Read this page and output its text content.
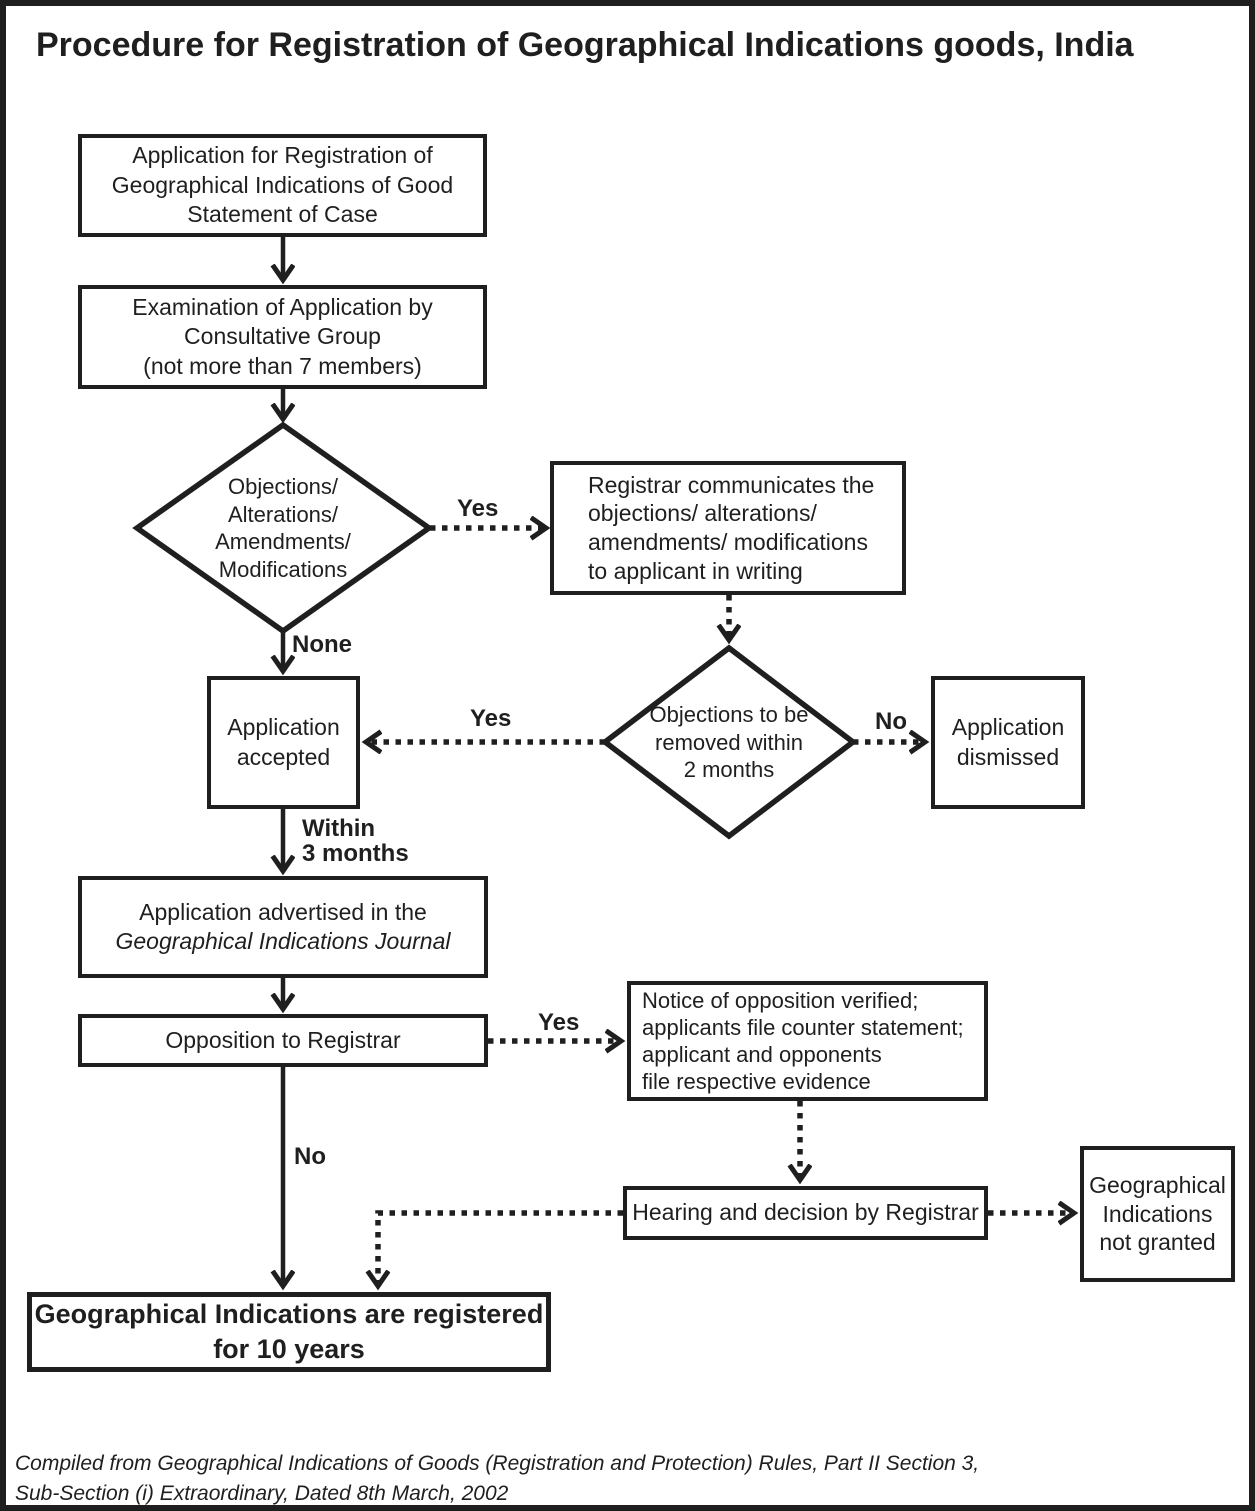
Procedure for Registration of Geographical Indications goods, India
Application for Registration of
Geographical Indications of Good
Statement of Case
Examination of Application by
Consultative Group
(not more than 7 members)
Objections/
Alterations/
Amendments/
Modifications
Registrar communicates the
objections/ alterations/
amendments/ modifications
to applicant in writing
Application
accepted
Objections to be
removed within
2 months
Application
dismissed
Application advertised in the
Geographical Indications Journal
Opposition to Registrar
Notice of opposition verified;
applicants file counter statement;
applicant and opponents
file respective evidence
Hearing and decision by Registrar
Geographical
Indications
not granted
Geographical Indications are registered
for 10 years
Yes
None
Yes	No
Within
3 months
Yes
No
Compiled from Geographical Indications of Goods (Registration and Protection) Rules, Part II Section 3,
Sub-Section (i) Extraordinary, Dated 8th March, 2002
